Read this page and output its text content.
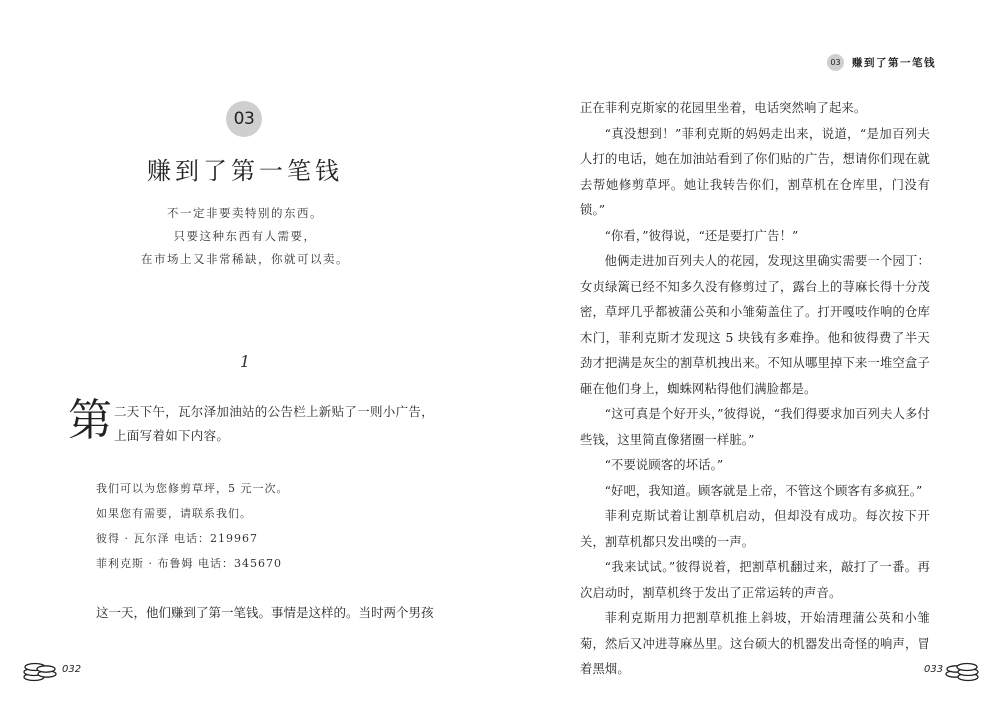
03
赚到了第一笔钱
不一定非要卖特别的东西。
只要这种东西有人需要，
在市场上又非常稀缺，你就可以卖。
1
第 二天下午，瓦尔泽加油站的公告栏上新贴了一则小广告，
上面写着如下内容。
我们可以为您修剪草坪，5 元一次。
如果您有需要，请联系我们。
彼得 · 瓦尔泽 电话：219967
菲利克斯 · 布鲁姆 电话：345670
这一天，他们赚到了第一笔钱。事情是这样的。当时两个男孩
032
03	赚到了第一笔钱

正在菲利克斯家的花园里坐着，电话突然响了起来。

“真没想到！”菲利克斯的妈妈走出来，说道，“是加百列夫人打的电话，她在加油站看到了你们贴的广告，想请你们现在就去帮她修剪草坪。她让我转告你们，割草机在仓库里，门没有锁。”

“你看，”彼得说，“还是要打广告！”

他俩走进加百列夫人的花园，发现这里确实需要一个园丁：女贞绿篱已经不知多久没有修剪过了，露台上的荨麻长得十分茂密，草坪几乎都被蒲公英和小雏菊盖住了。打开嘎吱作响的仓库木门，菲利克斯才发现这 5 块钱有多难挣。他和彼得费了半天劲才把满是灰尘的割草机拽出来。不知从哪里掉下来一堆空盒子砸在他们身上，蜘蛛网粘得他们满脸都是。

“这可真是个好开头，”彼得说，“我们得要求加百列夫人多付些钱，这里简直像猪圈一样脏。”

“不要说顾客的坏话。”

“好吧，我知道。顾客就是上帝，不管这个顾客有多疯狂。”

菲利克斯试着让割草机启动，但却没有成功。每次按下开关，割草机都只发出噗的一声。

“我来试试。”彼得说着，把割草机翻过来，敲打了一番。再次启动时，割草机终于发出了正常运转的声音。

菲利克斯用力把割草机推上斜坡，开始清理蒲公英和小雏菊，然后又冲进荨麻丛里。这台硕大的机器发出奇怪的响声，冒着黑烟。	033
